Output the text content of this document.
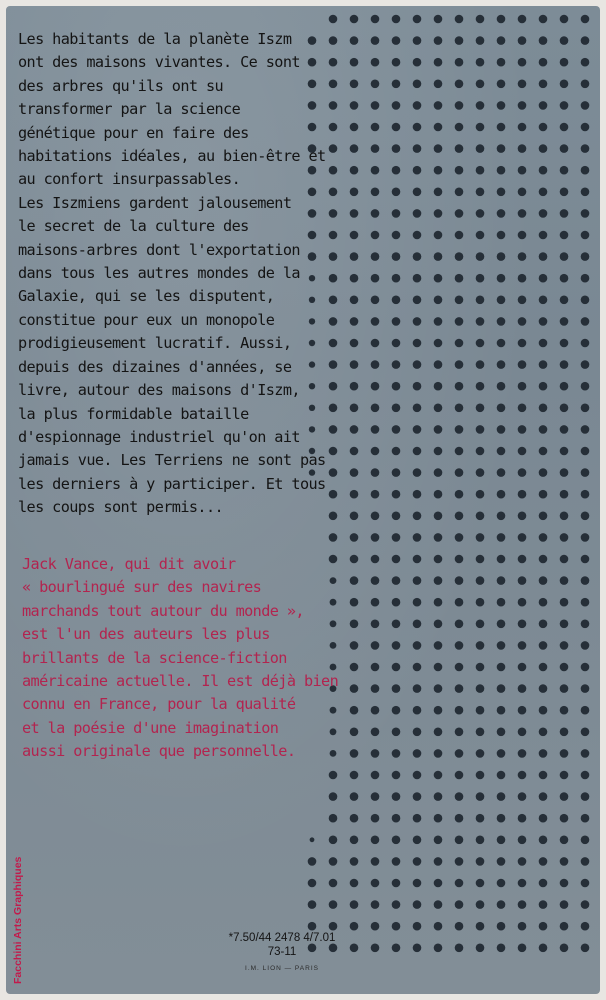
Les habitants de la planète Iszm
ont des maisons vivantes. Ce sont
des arbres qu'ils ont su
transformer par la science
génétique pour en faire des
habitations idéales, au bien-être et
au confort insurpassables.
Les Iszmiens gardent jalousement
le secret de la culture des
maisons-arbres dont l'exportation
dans tous les autres mondes de la
Galaxie, qui se les disputent,
constitue pour eux un monopole
prodigieusement lucratif. Aussi,
depuis des dizaines d'années, se
livre, autour des maisons d'Iszm,
la plus formidable bataille
d'espionnage industriel qu'on ait
jamais vue. Les Terriens ne sont pas
les derniers à y participer. Et tous
les coups sont permis...

Jack Vance, qui dit avoir
« bourlingué sur des navires
marchands tout autour du monde »,
est l'un des auteurs les plus
brillants de la science-fiction
américaine actuelle. Il est déjà bien
connu en France, pour la qualité
et la poésie d'une imagination
aussi originale que personnelle.

Facchini Arts Graphiques	*7.50/44 2478 4/7.01
73-11
I.M. LION — PARIS
